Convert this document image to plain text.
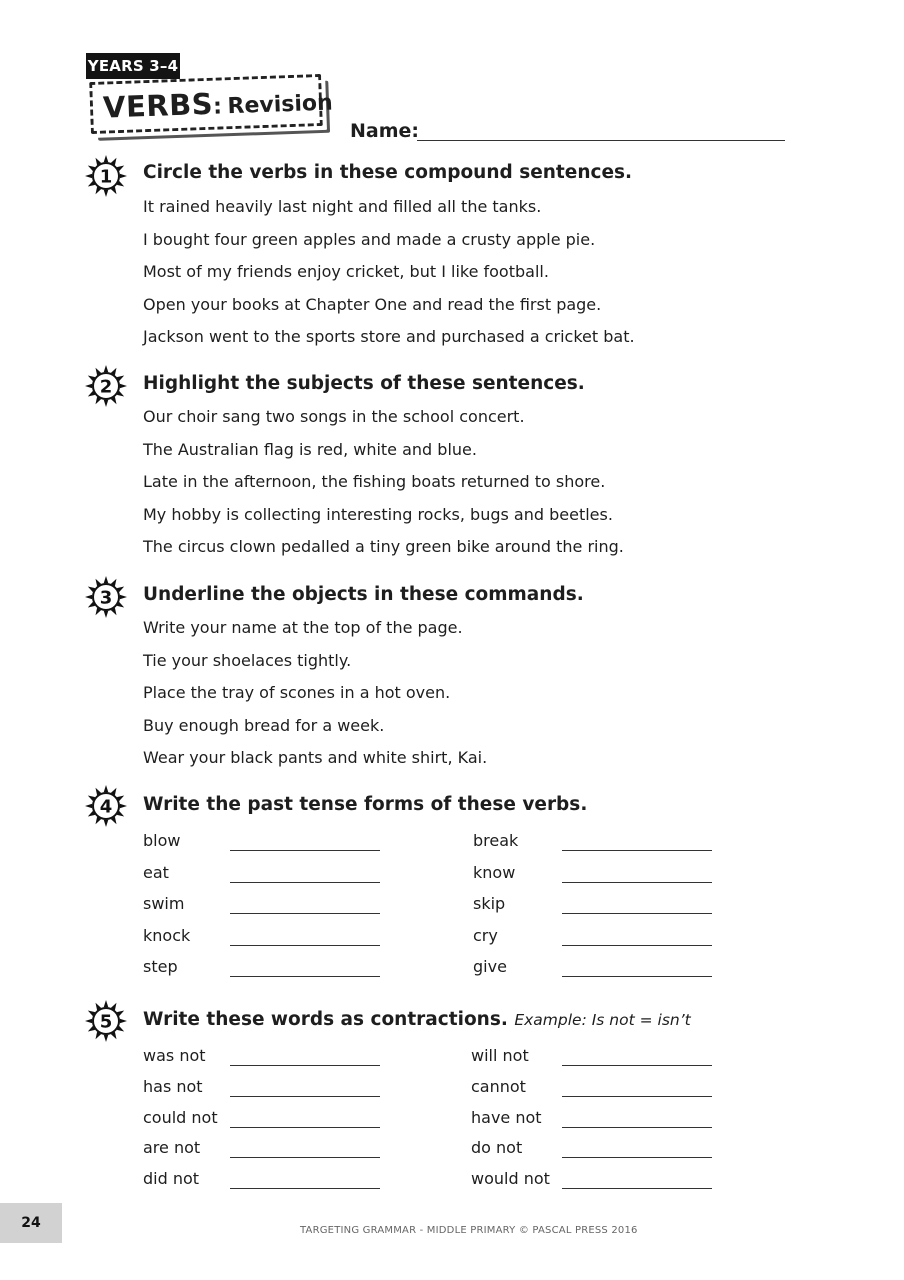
YEARS 3–4
VERBS: Revision
Name:
1 Circle the verbs in these compound sentences.
It rained heavily last night and filled all the tanks.
I bought four green apples and made a crusty apple pie.
Most of my friends enjoy cricket, but I like football.
Open your books at Chapter One and read the first page.
Jackson went to the sports store and purchased a cricket bat.
2 Highlight the subjects of these sentences.
Our choir sang two songs in the school concert.
The Australian flag is red, white and blue.
Late in the afternoon, the fishing boats returned to shore.
My hobby is collecting interesting rocks, bugs and beetles.
The circus clown pedalled a tiny green bike around the ring.
3 Underline the objects in these commands.
Write your name at the top of the page.
Tie your shoelaces tightly.
Place the tray of scones in a hot oven.
Buy enough bread for a week.
Wear your black pants and white shirt, Kai.
4 Write the past tense forms of these verbs.
blow
eat
swim
knock
step
break
know
skip
cry
give
5 Write these words as contractions. Example: Is not = isn’t
was not
has not
could not
are not
did not
will not
cannot
have not
do not
would not
24	TARGETING GRAMMAR - MIDDLE PRIMARY © PASCAL PRESS 2016
